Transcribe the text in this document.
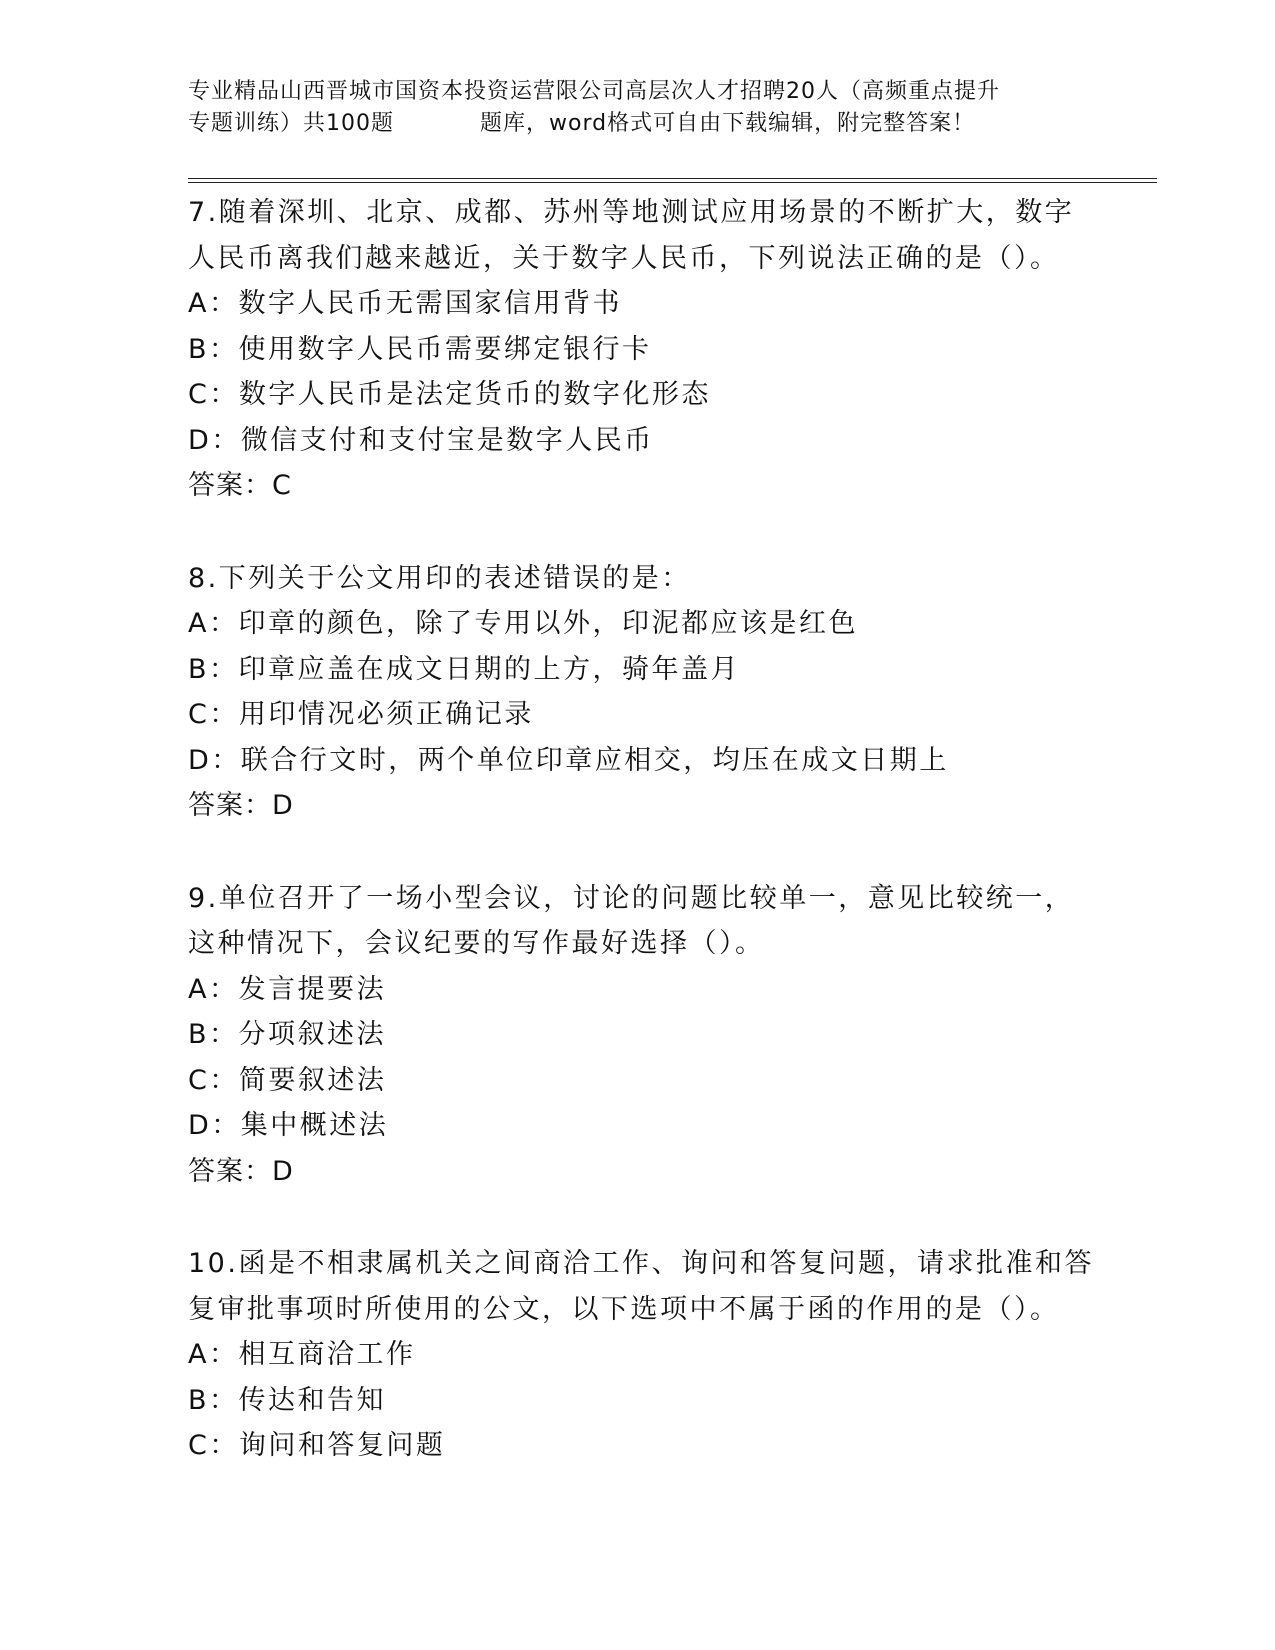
专业精品山西晋城市国资本投资运营限公司高层次人才招聘20人（高频重点提升
专题训练）共100题	题库，word格式可自由下载编辑，附完整答案！
7.随着深圳、北京、成都、苏州等地测试应用场景的不断扩大，数字
人民币离我们越来越近，关于数字人民币，下列说法正确的是（）。
A：数字人民币无需国家信用背书
B：使用数字人民币需要绑定银行卡
C：数字人民币是法定货币的数字化形态
D：微信支付和支付宝是数字人民币
答案：C
8.下列关于公文用印的表述错误的是：
A：印章的颜色，除了专用以外，印泥都应该是红色
B：印章应盖在成文日期的上方，骑年盖月
C：用印情况必须正确记录
D：联合行文时，两个单位印章应相交，均压在成文日期上
答案：D
9.单位召开了一场小型会议，讨论的问题比较单一，意见比较统一，
这种情况下，会议纪要的写作最好选择（）。
A：发言提要法
B：分项叙述法
C：简要叙述法
D：集中概述法
答案：D
10.函是不相隶属机关之间商洽工作、询问和答复问题，请求批准和答
复审批事项时所使用的公文，以下选项中不属于函的作用的是（）。
A：相互商洽工作
B：传达和告知
C：询问和答复问题
